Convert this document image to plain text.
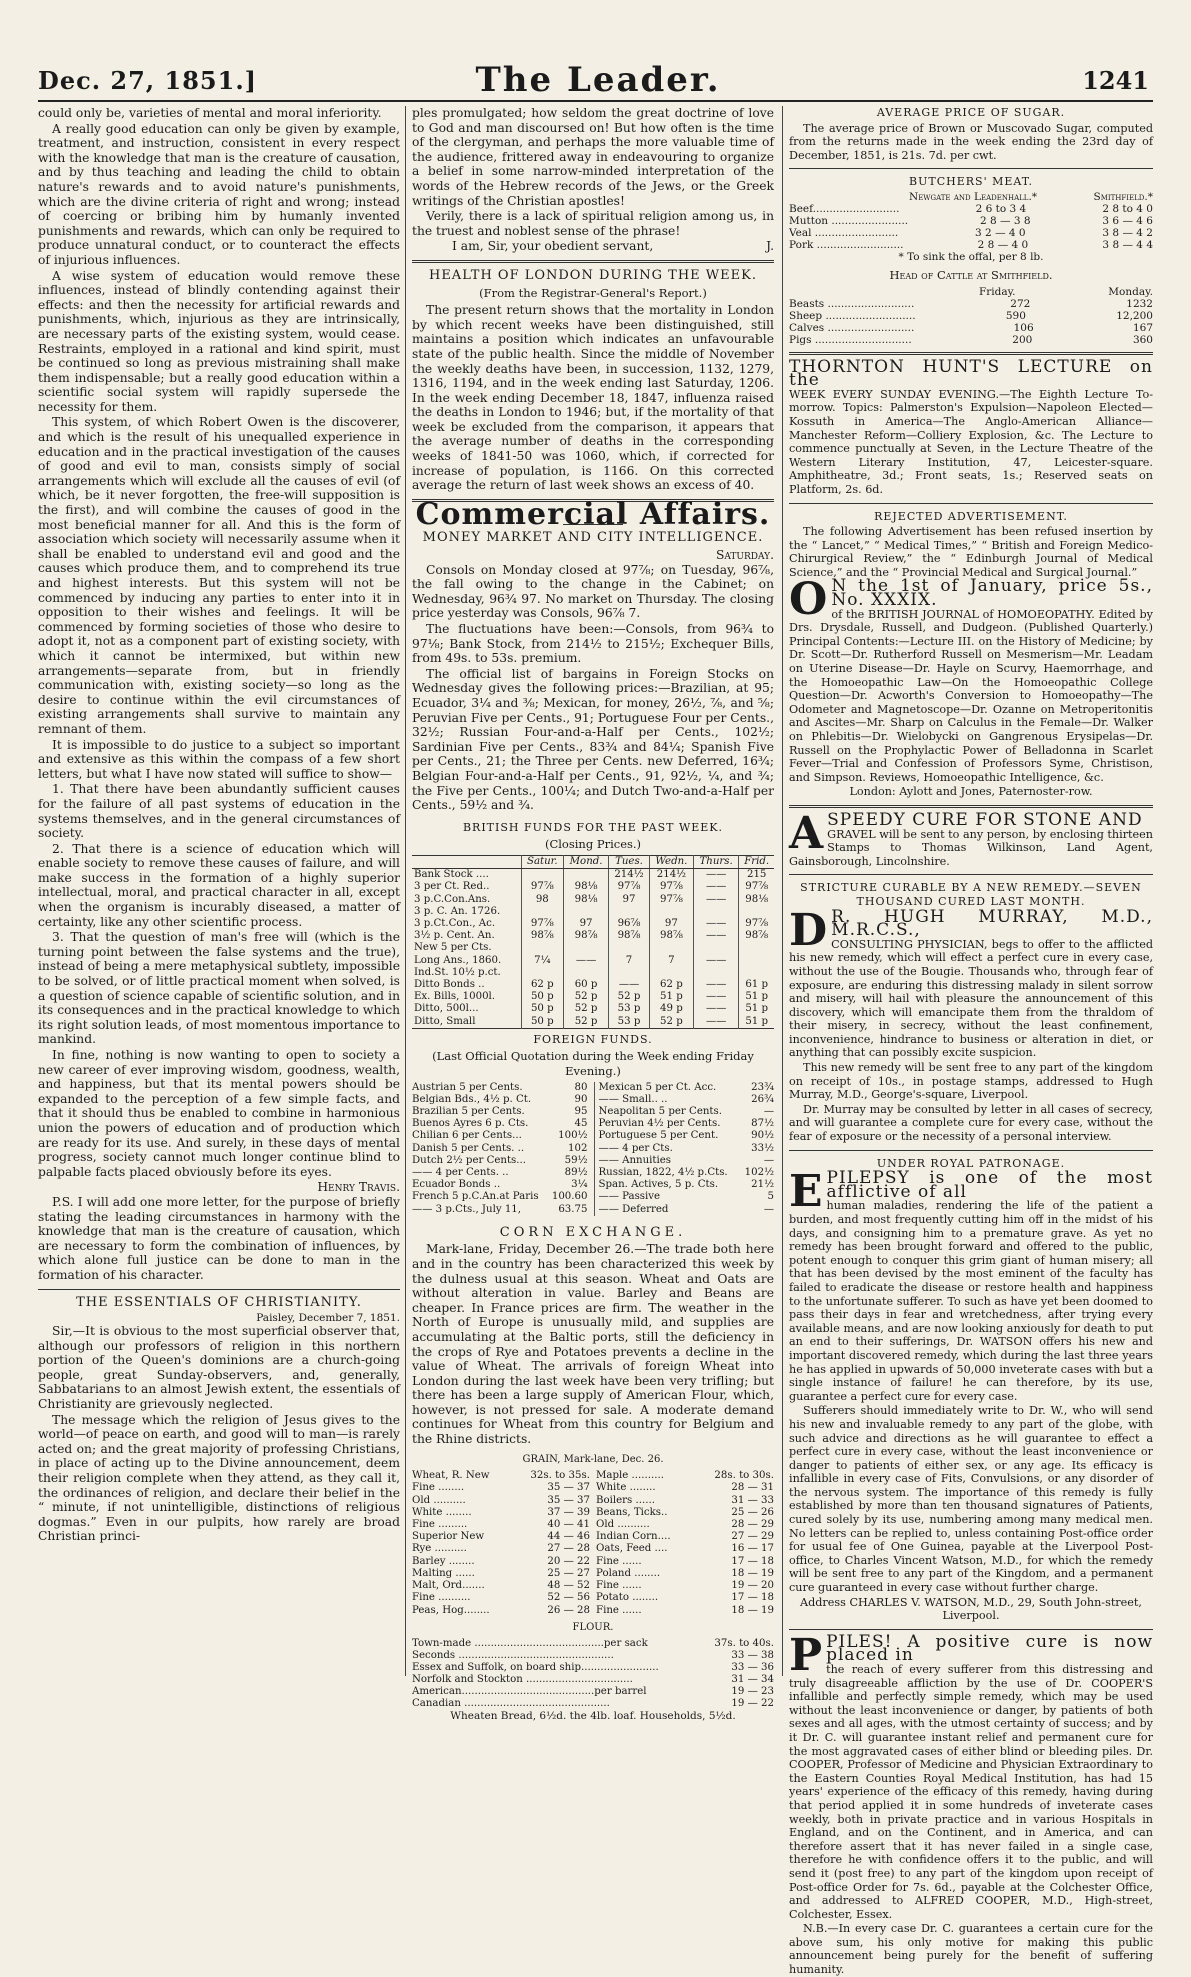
Dec. 27, 1851.]	The Leader.	1241

could only be, varieties of mental and moral inferiority.

A really good education can only be given by example, treatment, and instruction, consistent in every respect with the knowledge that man is the creature of causation, and by thus teaching and leading the child to obtain nature's rewards and to avoid nature's punishments, which are the divine criteria of right and wrong; instead of coercing or bribing him by humanly invented punishments and rewards, which can only be required to produce unnatural conduct, or to counteract the effects of injurious influences.

A wise system of education would remove these influences, instead of blindly contending against their effects: and then the necessity for artificial rewards and punishments, which, injurious as they are intrinsically, are necessary parts of the existing system, would cease. Restraints, employed in a rational and kind spirit, must be continued so long as previous mistraining shall make them indispensable; but a really good education within a scientific social system will rapidly supersede the necessity for them.

This system, of which Robert Owen is the discoverer, and which is the result of his unequalled experience in education and in the practical investigation of the causes of good and evil to man, consists simply of social arrangements which will exclude all the causes of evil (of which, be it never forgotten, the free-will supposition is the first), and will combine the causes of good in the most beneficial manner for all. And this is the form of association which society will necessarily assume when it shall be enabled to understand evil and good and the causes which produce them, and to comprehend its true and highest interests. But this system will not be commenced by inducing any parties to enter into it in opposition to their wishes and feelings. It will be commenced by forming societies of those who desire to adopt it, not as a component part of existing society, with which it cannot be intermixed, but within new arrangements—separate from, but in friendly communication with, existing society—so long as the desire to continue within the evil circumstances of existing arrangements shall survive to maintain any remnant of them.

It is impossible to do justice to a subject so important and extensive as this within the compass of a few short letters, but what I have now stated will suffice to show—

1. That there have been abundantly sufficient causes for the failure of all past systems of education in the systems themselves, and in the general circumstances of society.

2. That there is a science of education which will enable society to remove these causes of failure, and will make success in the formation of a highly superior intellectual, moral, and practical character in all, except when the organism is incurably diseased, a matter of certainty, like any other scientific process.

3. That the question of man's free will (which is the turning point between the false systems and the true), instead of being a mere metaphysical subtlety, impossible to be solved, or of little practical moment when solved, is a question of science capable of scientific solution, and in its consequences and in the practical knowledge to which its right solution leads, of most momentous importance to mankind.

In fine, nothing is now wanting to open to society a new career of ever improving wisdom, goodness, wealth, and happiness, but that its mental powers should be expanded to the perception of a few simple facts, and that it should thus be enabled to combine in harmonious union the powers of education and of production which are ready for its use. And surely, in these days of mental progress, society cannot much longer continue blind to palpable facts placed obviously before its eyes.

Henry Travis.

P.S. I will add one more letter, for the purpose of briefly stating the leading circumstances in harmony with the knowledge that man is the creature of causation, which are necessary to form the combination of influences, by which alone full justice can be done to man in the formation of his character.

THE ESSENTIALS OF CHRISTIANITY.
Paisley, December 7, 1851.

Sir,—It is obvious to the most superficial observer that, although our professors of religion in this northern portion of the Queen's dominions are a church-going people, great Sunday-observers, and, generally, Sabbatarians to an almost Jewish extent, the essentials of Christianity are grievously neglected.

The message which the religion of Jesus gives to the world—of peace on earth, and good will to man—is rarely acted on; and the great majority of professing Christians, in place of acting up to the Divine announcement, deem their religion complete when they attend, as they call it, the ordinances of religion, and declare their belief in the “ minute, if not unintelligible, distinctions of religious dogmas.” Even in our pulpits, how rarely are broad Christian princi-

ples promulgated; how seldom the great doctrine of love to God and man discoursed on! But how often is the time of the clergyman, and perhaps the more valuable time of the audience, frittered away in endeavouring to organize a belief in some narrow-minded interpretation of the words of the Hebrew records of the Jews, or the Greek writings of the Christian apostles!

Verily, there is a lack of spiritual religion among us, in the truest and noblest sense of the phrase!

I am, Sir, your obedient servant,	J.
HEALTH OF LONDON DURING THE WEEK.
(From the Registrar-General's Report.)

The present return shows that the mortality in London by which recent weeks have been distinguished, still maintains a position which indicates an unfavourable state of the public health. Since the middle of November the weekly deaths have been, in succession, 1132, 1279, 1316, 1194, and in the week ending last Saturday, 1206. In the week ending December 18, 1847, influenza raised the deaths in London to 1946; but, if the mortality of that week be excluded from the comparison, it appears that the average number of deaths in the corresponding weeks of 1841-50 was 1060, which, if corrected for increase of population, is 1166. On this corrected average the return of last week shows an excess of 40.

Commercial Affairs.
MONEY MARKET AND CITY INTELLIGENCE.
Saturday.

Consols on Monday closed at 97⅞; on Tuesday, 96⅞, the fall owing to the change in the Cabinet; on Wednesday, 96¾ 97. No market on Thursday. The closing price yesterday was Consols, 96⅞ 7.

The fluctuations have been:—Consols, from 96¾ to 97⅛; Bank Stock, from 214½ to 215½; Exchequer Bills, from 49s. to 53s. premium.

The official list of bargains in Foreign Stocks on Wednesday gives the following prices:—Brazilian, at 95; Ecuador, 3¼ and ⅜; Mexican, for money, 26½, ⅞, and ⅝; Peruvian Five per Cents., 91; Portuguese Four per Cents., 32½; Russian Four-and-a-Half per Cents., 102½; Sardinian Five per Cents., 83¾ and 84¼; Spanish Five per Cents., 21; the Three per Cents. new Deferred, 16¾; Belgian Four-and-a-Half per Cents., 91, 92½, ¼, and ¾; the Five per Cents., 100¼; and Dutch Two-and-a-Half per Cents., 59½ and ¾.

BRITISH FUNDS FOR THE PAST WEEK.
(Closing Prices.)
	Satur.	Mond.	Tues.	Wedn.	Thurs.	Frid.
Bank Stock ....			214½	214½	——	215
3 per Ct. Red..	97⅞	98⅛	97⅞	97⅞	——	97⅞
3 p.C.Con.Ans.	98	98⅛	97	97⅞	——	98⅛
3 p. C. An. 1726.						
3 p.Ct.Con., Ac.	97⅞	97	96⅞	97	——	97⅞
3½ p. Cent. An.	98⅞	98⅞	98⅞	98⅞	——	98⅞
New 5 per Cts.						
Long Ans., 1860.	7¼	——	7	7	——	
Ind.St. 10½ p.ct.						
Ditto Bonds ..	62 p	60 p	——	62 p	——	61 p
Ex. Bills, 1000l.	50 p	52 p	52 p	51 p	——	51 p
Ditto, 500l...	50 p	52 p	53 p	49 p	——	51 p
Ditto, Small	50 p	52 p	53 p	52 p	——	51 p
FOREIGN FUNDS.
(Last Official Quotation during the Week ending Friday Evening.)
Austrian 5 per Cents.	80
Belgian Bds., 4½ p. Ct.	90
Brazilian 5 per Cents.	95
Buenos Ayres 6 p. Cts.	45
Chilian 6 per Cents...	100½
Danish 5 per Cents. ..	102
Dutch 2½ per Cents...	59½
—— 4 per Cents. ..	89½
Ecuador Bonds ..	3¼
French 5 p.C.An.at Paris 100.60
—— 3 p.Cts., July 11,	63.75
Mexican 5 per Ct. Acc.	23¾
—— Small.. ..	26¾
Neapolitan 5 per Cents.	—
Peruvian 4½ per Cents.	87½
Portuguese 5 per Cent.	90½
—— 4 per Cts.	33½
—— Annuities	—
Russian, 1822, 4½ p.Cts. 102½
Span. Actives, 5 p. Cts.	21½
—— Passive	5
—— Deferred	—
CORN EXCHANGE.

Mark-lane, Friday, December 26.—The trade both here and in the country has been characterized this week by the dulness usual at this season. Wheat and Oats are without alteration in value. Barley and Beans are cheaper. In France prices are firm. The weather in the North of Europe is unusually mild, and supplies are accumulating at the Baltic ports, still the deficiency in the crops of Rye and Potatoes prevents a decline in the value of Wheat. The arrivals of foreign Wheat into London during the last week have been very trifling; but there has been a large supply of American Flour, which, however, is not pressed for sale. A moderate demand continues for Wheat from this country for Belgium and the Rhine districts.

GRAIN, Mark-lane, Dec. 26.
Wheat, R. New	32s. to 35s.
Fine ........	35 — 37
Old ..........	35 — 37
White ........	37 — 39
Fine .........	40 — 41
Superior New	44 — 46
Rye ..........	27 — 28
Barley ........	20 — 22
Malting ......	25 — 27
Malt, Ord.......	48 — 52
Fine ..........	52 — 56
Peas, Hog........	26 — 28
Maple ..........	28s. to 30s.
White ........	28 — 31
Boilers ......	31 — 33
Beans, Ticks..	25 — 26
Old ..........	28 — 29
Indian Corn....	27 — 29
Oats, Feed ....	16 — 17
Fine ......	17 — 18
Poland ........	18 — 19
Fine ......	19 — 20
Potato ........	17 — 18
Fine ......	18 — 19
FLOUR.
Town-made ........................................per sack	37s. to 40s.
Seconds ................................................	33 — 38
Essex and Suffolk, on board ship........................	33 — 36
Norfolk and Stockton .................................	31 — 34
American.........................................per barrel	19 — 23
Canadian .............................................	19 — 22
Wheaten Bread, 6½d. the 4lb. loaf. Households, 5½d.
AVERAGE PRICE OF SUGAR.

The average price of Brown or Muscovado Sugar, computed from the returns made in the week ending the 23rd day of December, 1851, is 21s. 7d. per cwt.

BUTCHERS' MEAT.
Newgate and Leadenhall.*	Smithfield.*
Beef..........................	2 6 to 3 4	2 8 to 4 0
Mutton .......................	2 8 — 3 8	3 6 — 4 6
Veal .........................	3 2 — 4 0	3 8 — 4 2
Pork ..........................	2 8 — 4 0	3 8 — 4 4
* To sink the offal, per 8 lb.
Head of Cattle at Smithfield.
Friday.	Monday.
Beasts ..........................	272	1232
Sheep ...........................	590	12,200
Calves ..........................	106	167
Pigs .............................	200	360
THORNTON HUNT'S LECTURE on the

WEEK EVERY SUNDAY EVENING.—The Eighth Lecture To-morrow. Topics: Palmerston's Expulsion—Napoleon Elected—Kossuth in America—The Anglo-American Alliance—Manchester Reform—Colliery Explosion, &c. The Lecture to commence punctually at Seven, in the Lecture Theatre of the Western Literary Institution, 47, Leicester-square. Amphitheatre, 3d.; Front seats, 1s.; Reserved seats on Platform, 2s. 6d.

REJECTED ADVERTISEMENT.

The following Advertisement has been refused insertion by the “ Lancet,” “ Medical Times,” “ British and Foreign Medico-Chirurgical Review,” the “ Edinburgh Journal of Medical Science,” and the “ Provincial Medical and Surgical Journal.”

O N the 1st of January, price 5s., No. XXXIX.

of the BRITISH JOURNAL of HOMOEOPATHY. Edited by Drs. Drysdale, Russell, and Dudgeon. (Published Quarterly.) Principal Contents:—Lecture III. on the History of Medicine; by Dr. Scott—Dr. Rutherford Russell on Mesmerism—Mr. Leadam on Uterine Disease—Dr. Hayle on Scurvy, Haemorrhage, and the Homoeopathic Law—On the Homoeopathic College Question—Dr. Acworth's Conversion to Homoeopathy—The Odometer and Magnetoscope—Dr. Ozanne on Metroperitonitis and Ascites—Mr. Sharp on Calculus in the Female—Dr. Walker on Phlebitis—Dr. Wielobycki on Gangrenous Erysipelas—Dr. Russell on the Prophylactic Power of Belladonna in Scarlet Fever—Trial and Confession of Professors Syme, Christison, and Simpson. Reviews, Homoeopathic Intelligence, &c.

London: Aylott and Jones, Paternoster-row.
A SPEEDY CURE FOR STONE AND

GRAVEL will be sent to any person, by enclosing thirteen Stamps to Thomas Wilkinson, Land Agent, Gainsborough, Lincolnshire.

STRICTURE CURABLE BY A NEW REMEDY.—SEVEN THOUSAND CURED LAST MONTH.
D R. HUGH MURRAY, M.D., M.R.C.S.,

CONSULTING PHYSICIAN, begs to offer to the afflicted his new remedy, which will effect a perfect cure in every case, without the use of the Bougie. Thousands who, through fear of exposure, are enduring this distressing malady in silent sorrow and misery, will hail with pleasure the announcement of this discovery, which will emancipate them from the thraldom of their misery, in secrecy, without the least confinement, inconvenience, hindrance to business or alteration in diet, or anything that can possibly excite suspicion.

This new remedy will be sent free to any part of the kingdom on receipt of 10s., in postage stamps, addressed to Hugh Murray, M.D., George's-square, Liverpool.

Dr. Murray may be consulted by letter in all cases of secrecy, and will guarantee a complete cure for every case, without the fear of exposure or the necessity of a personal interview.

UNDER ROYAL PATRONAGE.
E PILEPSY is one of the most afflictive of all

human maladies, rendering the life of the patient a burden, and most frequently cutting him off in the midst of his days, and consigning him to a premature grave. As yet no remedy has been brought forward and offered to the public, potent enough to conquer this grim giant of human misery; all that has been devised by the most eminent of the faculty has failed to eradicate the disease or restore health and happiness to the unfortunate sufferer. To such as have yet been doomed to pass their days in fear and wretchedness, after trying every available means, and are now looking anxiously for death to put an end to their sufferings, Dr. WATSON offers his new and important discovered remedy, which during the last three years he has applied in upwards of 50,000 inveterate cases with but a single instance of failure! he can therefore, by its use, guarantee a perfect cure for every case.

Sufferers should immediately write to Dr. W., who will send his new and invaluable remedy to any part of the globe, with such advice and directions as he will guarantee to effect a perfect cure in every case, without the least inconvenience or danger to patients of either sex, or any age. Its efficacy is infallible in every case of Fits, Convulsions, or any disorder of the nervous system. The importance of this remedy is fully established by more than ten thousand signatures of Patients, cured solely by its use, numbering among many medical men. No letters can be replied to, unless containing Post-office order for usual fee of One Guinea, payable at the Liverpool Post-office, to Charles Vincent Watson, M.D., for which the remedy will be sent free to any part of the Kingdom, and a permanent cure guaranteed in every case without further charge.

Address CHARLES V. WATSON, M.D., 29, South John-street, Liverpool.
P PILES! A positive cure is now placed in

the reach of every sufferer from this distressing and truly disagreeable affliction by the use of Dr. COOPER'S infallible and perfectly simple remedy, which may be used without the least inconvenience or danger, by patients of both sexes and all ages, with the utmost certainty of success; and by it Dr. C. will guarantee instant relief and permanent cure for the most aggravated cases of either blind or bleeding piles. Dr. COOPER, Professor of Medicine and Physician Extraordinary to the Eastern Counties Royal Medical Institution, has had 15 years' experience of the efficacy of this remedy, having during that period applied it in some hundreds of inveterate cases weekly, both in private practice and in various Hospitals in England, and on the Continent, and in America, and can therefore assert that it has never failed in a single case, therefore he with confidence offers it to the public, and will send it (post free) to any part of the kingdom upon receipt of Post-office Order for 7s. 6d., payable at the Colchester Office, and addressed to ALFRED COOPER, M.D., High-street, Colchester, Essex.

N.B.—In every case Dr. C. guarantees a certain cure for the above sum, his only motive for making this public announcement being purely for the benefit of suffering humanity.
